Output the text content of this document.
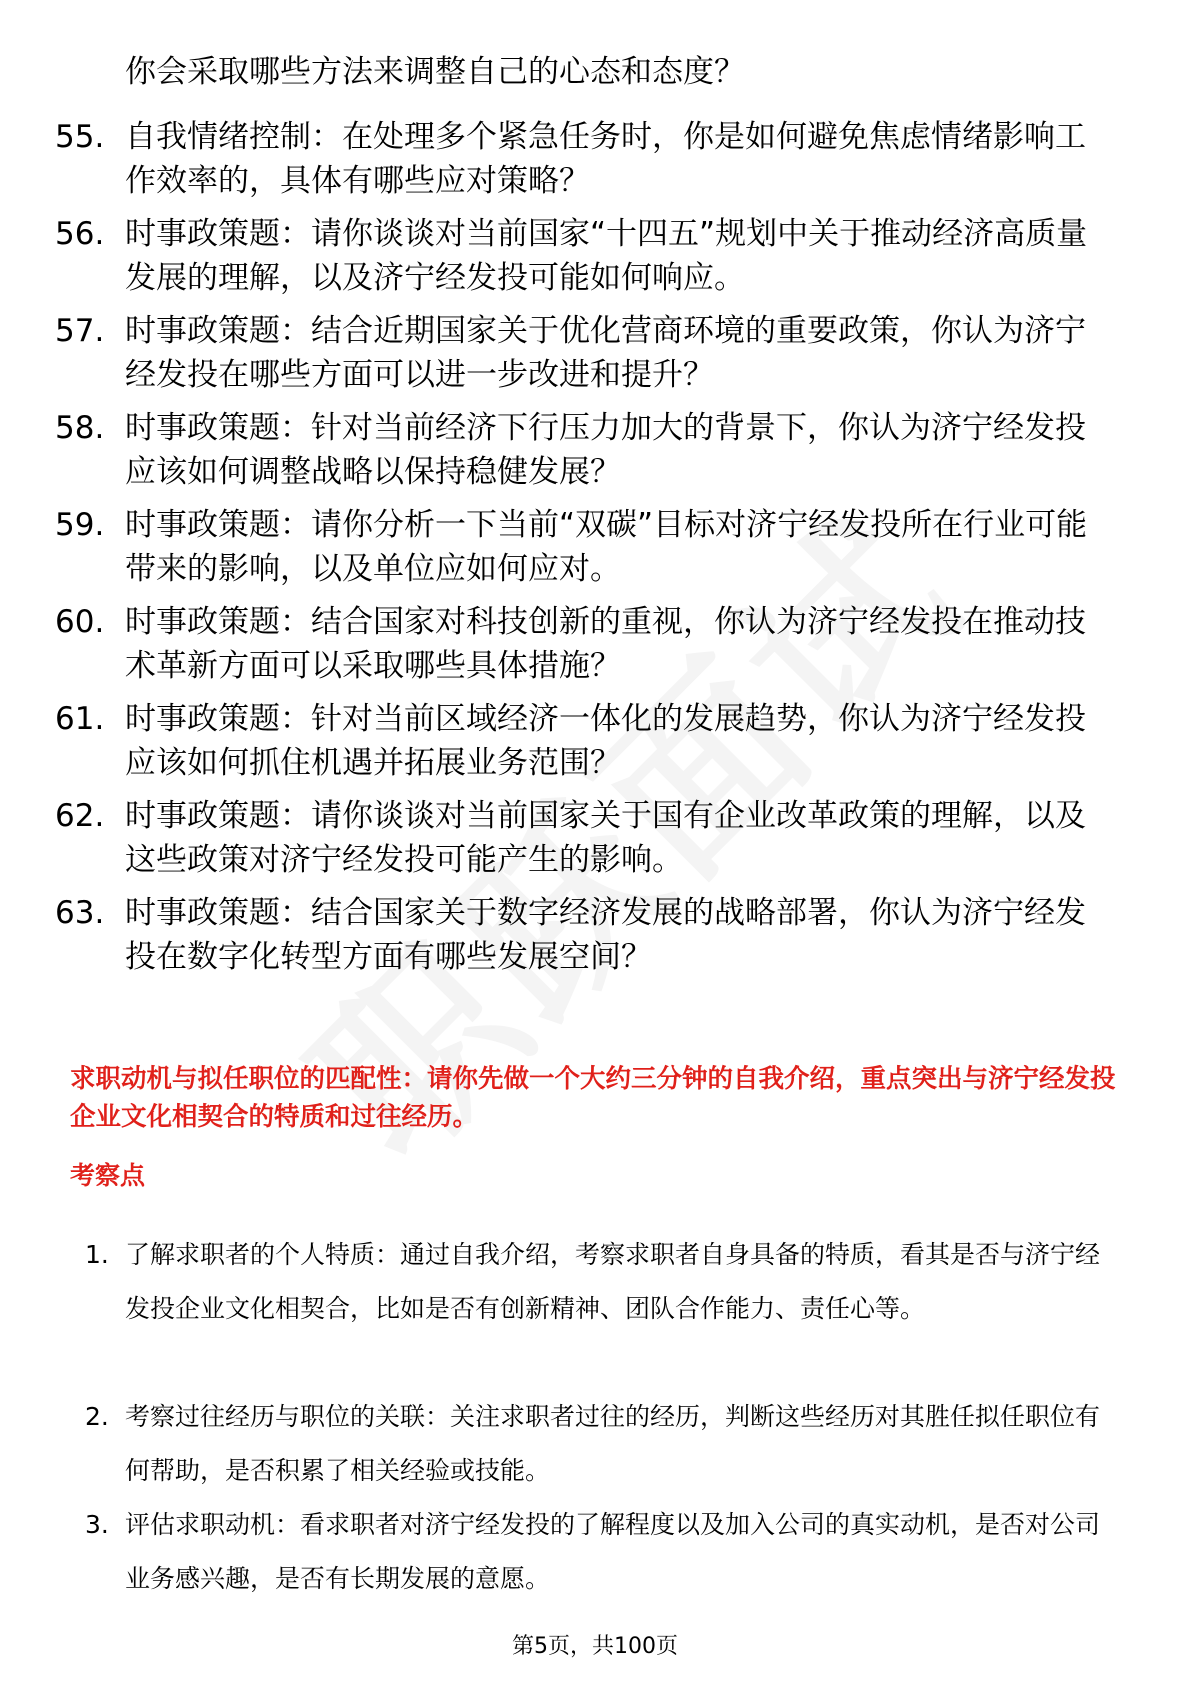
你会采取哪些方法来调整自己的心态和态度？
55. 自我情绪控制：在处理多个紧急任务时，你是如何避免焦虑情绪影响工作效率的，具体有哪些应对策略？
56. 时事政策题：请你谈谈对当前国家“十四五”规划中关于推动经济高质量发展的理解，以及济宁经发投可能如何响应。
57. 时事政策题：结合近期国家关于优化营商环境的重要政策，你认为济宁经发投在哪些方面可以进一步改进和提升？
58. 时事政策题：针对当前经济下行压力加大的背景下，你认为济宁经发投应该如何调整战略以保持稳健发展？
59. 时事政策题：请你分析一下当前“双碳”目标对济宁经发投所在行业可能带来的影响，以及单位应如何应对。
60. 时事政策题：结合国家对科技创新的重视，你认为济宁经发投在推动技术革新方面可以采取哪些具体措施？
61. 时事政策题：针对当前区域经济一体化的发展趋势，你认为济宁经发投应该如何抓住机遇并拓展业务范围？
62. 时事政策题：请你谈谈对当前国家关于国有企业改革政策的理解，以及这些政策对济宁经发投可能产生的影响。
63. 时事政策题：结合国家关于数字经济发展的战略部署，你认为济宁经发投在数字化转型方面有哪些发展空间？
求职动机与拟任职位的匹配性：请你先做一个大约三分钟的自我介绍，重点突出与济宁经发投企业文化相契合的特质和过往经历。
考察点
1. 了解求职者的个人特质：通过自我介绍，考察求职者自身具备的特质，看其是否与济宁经发投企业文化相契合，比如是否有创新精神、团队合作能力、责任心等。
2. 考察过往经历与职位的关联：关注求职者过往的经历，判断这些经历对其胜任拟任职位有何帮助，是否积累了相关经验或技能。
3. 评估求职动机：看求职者对济宁经发投的了解程度以及加入公司的真实动机，是否对公司业务感兴趣，是否有长期发展的意愿。
第5页，共100页
